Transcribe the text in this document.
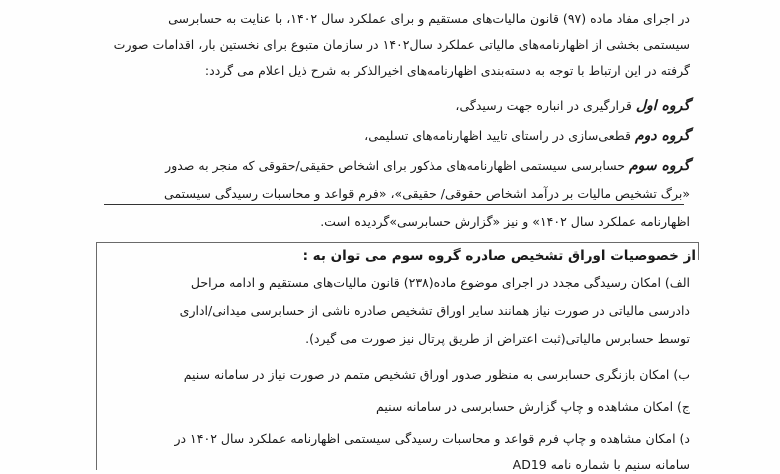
در اجرای مفاد ماده (۹۷) قانون مالیات‌های مستقیم و برای عملکرد سال ۱۴۰۲، با عنایت به حسابرسی
سیستمی بخشی از اظهارنامه‌های مالیاتی عملکرد سال۱۴۰۲ در سازمان متبوع برای نخستین بار، اقدامات صورت
گرفته در این ارتباط با توجه به دسته‌بندی اظهارنامه‌های اخیرالذکر به شرح ذیل اعلام می گردد:
گروه اول قرارگیری در انباره جهت رسیدگی،
گروه دوم قطعی‌سازی در راستای تایید اظهارنامه‌های تسلیمی،
گروه سوم حسابرسی سیستمی اظهارنامه‌های مذکور برای اشخاص حقیقی/حقوقی که منجر به صدور
«برگ تشخیص مالیات بر درآمد اشخاص حقوقی/ حقیقی»، «فرم قواعد و محاسبات رسیدگی سیستمی
اظهارنامه عملکرد سال ۱۴۰۲» و نیز «گزارش حسابرسی»گردیده است.
از خصوصیات اوراق تشخیص صادره گروه سوم می توان به :
الف) امکان رسیدگی مجدد در اجرای موضوع ماده(۲۳۸) قانون مالیات‌های مستقیم و ادامه مراحل
دادرسی مالیاتی در صورت نیاز همانند سایر اوراق تشخیص صادره ناشی از حسابرسی میدانی/اداری
توسط حسابرس مالیاتی(ثبت اعتراض از طریق پرتال نیز صورت می گیرد).
ب) امکان بازنگری حسابرسی به منظور صدور اوراق تشخیص متمم در صورت نیاز در سامانه سنیم
ج) امکان مشاهده و چاپ گزارش حسابرسی در سامانه سنیم
د) امکان مشاهده و چاپ فرم قواعد و محاسبات رسیدگی سیستمی اظهارنامه عملکرد سال ۱۴۰۲ در
سامانه سنیم با شماره نامه AD19
